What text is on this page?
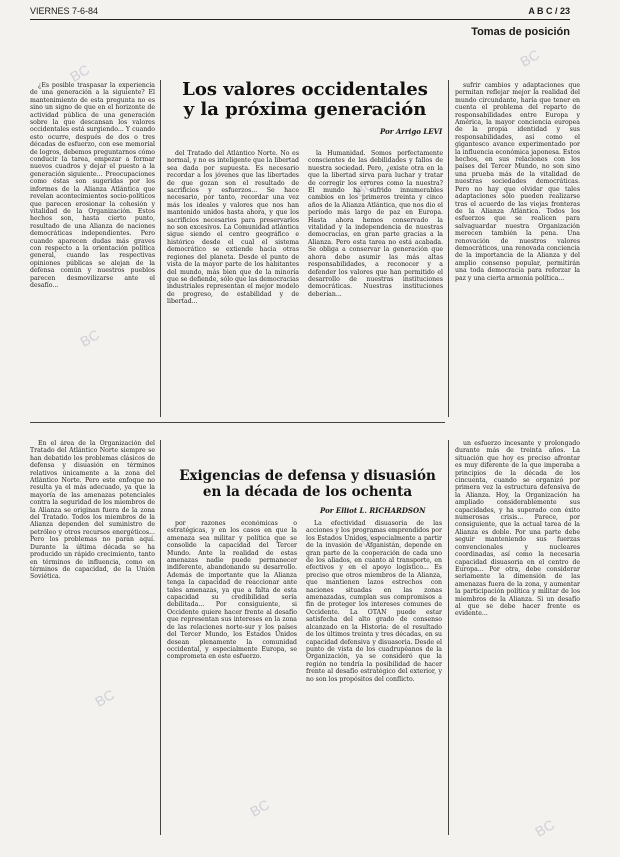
VIERNES 7-6-84	A B C / 23
Tomas de posición
BC
BC
BC
BC
BC
BC
BC
BC
Los valores occidentales
y la próxima generación
Por Arrigo LEVI

¿Es posible traspasar la experiencia de una generación a la siguiente? El mantenimiento de esta pregunta no es sino un signo de que en el horizonte de actividad pública de una generación sobre la que descansan los valores occidentales está surgiendo... Y cuando esto ocurre, después de dos o tres décadas de esfuerzo, con ese memorial de logros, debemos preguntarnos cómo conducir la tarea, empezar a formar nuevos cuadros y dejar el puesto a la generación siguiente... Preocupaciones como éstas son sugeridas por los informes de la Alianza Atlántica que revelan acontecimientos socio-políticos que parecen erosionar la cohesión y vitalidad de la Organización. Estos hechos son, hasta cierto punto, resultado de una Alianza de naciones democráticas independientes. Pero cuando aparecen dudas más graves con respecto a la orientación política general, cuando las respectivas opiniones públicas se alejan de la defensa común y nuestros pueblos parecen desmovilizarse ante el desafío...

del Tratado del Atlántico Norte. No es normal, y no es inteligente que la libertad sea dada por supuesta. Es necesario recordar a los jóvenes que las libertades de que gozan son el resultado de sacrificios y esfuerzos... Se hace necesario, por tanto, recordar una vez más los ideales y valores que nos han mantenido unidos hasta ahora, y que los sacrificios necesarios para preservarlos no son excesivos. La Comunidad atlántica sigue siendo el centro geográfico e histórico desde el cual el sistema democrático se extiende hacia otras regiones del planeta. Desde el punto de vista de la mayor parte de los habitantes del mundo, más bien que de la minoría que se defiende, sólo que las democracias industriales representan el mejor modelo de progreso, de estabilidad y de libertad...

la Humanidad. Somos perfectamente conscientes de las debilidades y fallos de nuestra sociedad. Pero, ¿existe otra en la que la libertad sirva para luchar y tratar de corregir los errores como la nuestra? El mundo ha sufrido innumerables cambios en los primeros treinta y cinco años de la Alianza Atlántica, que nos dio el período más largo de paz en Europa. Hasta ahora hemos conservado la vitalidad y la independencia de nuestras democracias, en gran parte gracias a la Alianza. Pero esta tarea no está acabada. Se obliga a conservar la generación que ahora debe asumir las más altas responsabilidades, a reconocer y a defender los valores que han permitido el desarrollo de nuestras instituciones democráticas. Nuestras instituciones deberían...

sufrir cambios y adaptaciones que permitan reflejar mejor la realidad del mundo circundante, haría que tener en cuenta el problema del reparto de responsabilidades entre Europa y América, la mayor conciencia europea de la propia identidad y sus responsabilidades, así como el gigantesco avance experimentado por la influencia económica japonesa. Estos hechos, en sus relaciones con los países del Tercer Mundo, no son sino una prueba más de la vitalidad de nuestras sociedades democráticas. Pero no hay que olvidar que tales adaptaciones sólo pueden realizarse tras el acuerdo de las viejas fronteras de la Alianza Atlántica. Todos los esfuerzos que se realicen para salvaguardar nuestra Organización merecen también la pena. Una renovación de nuestros valores democráticos, una renovada conciencia de la importancia de la Alianza y del amplio consenso popular, permitirán una toda democracia para reforzar la paz y una cierta armonía política...

Exigencias de defensa y disuasión
en la década de los ochenta
Por Elliot L. RICHARDSON

En el área de la Organización del Tratado del Atlántico Norte siempre se han debatido los problemas clásicos de defensa y disuasión en términos relativos únicamente a la zona del Atlántico Norte. Pero este enfoque no resulta ya el más adecuado, ya que la mayoría de las amenazas potenciales contra la seguridad de los miembros de la Alianza se originan fuera de la zona del Tratado. Todos los miembros de la Alianza dependen del suministro de petróleo y otros recursos energéticos... Pero los problemas no paran aquí. Durante la última década se ha producido un rápido crecimiento, tanto en términos de influencia, como en términos de capacidad, de la Unión Soviética.

por razones económicas o estratégicas, y en los casos en que la amenaza sea militar y política que se consolide la capacidad del Tercer Mundo. Ante la realidad de estas amenazas nadie puede permanecer indiferente, abandonando su desarrollo. Además de importante que la Alianza tenga la capacidad de reaccionar ante tales amenazas, ya que a falta de esta capacidad su credibilidad sería debilitada... Por consiguiente, si Occidente quiere hacer frente al desafío que representan sus intereses en la zona de las relaciones norte-sur y los países del Tercer Mundo, los Estados Unidos desean plenamente la comunidad occidental, y especialmente Europa, se comprometa en este esfuerzo.

La efectividad disuasoria de las acciones y los programas emprendidos por los Estados Unidos, especialmente a partir de la invasión de Afganistán, depende en gran parte de la cooperación de cada uno de los aliados, en cuanto al transporte, en efectivos y en el apoyo logístico... Es preciso que otros miembros de la Alianza, que mantienen lazos estrechos con naciones situadas en las zonas amenazadas, cumplan sus compromisos a fin de proteger los intereses comunes de Occidente. La OTAN puede estar satisfecha del alto grado de consenso alcanzado en la Historia: de el resultado de los últimos treinta y tres décadas, en su capacidad defensiva y disuasoria. Desde el punto de vista de los cuadrupéanos de la Organización, ya se consideró que la región no tendría la posibilidad de hacer frente al desafío estratégico del exterior, y no son los propósitos del conflicto.

un esfuerzo incesante y prolongado durante más de treinta años. La situación que hoy es preciso afrontar es muy diferente de la que imperaba a principios de la década de los cincuenta, cuando se organizó por primera vez la estructura defensiva de la Alianza. Hoy, la Organización ha ampliado considerablemente sus capacidades, y ha superado con éxito numerosas crisis... Parece, por consiguiente, que la actual tarea de la Alianza es doble. Por una parte debe seguir manteniendo sus fuerzas convencionales y nucleares coordinadas, así como la necesaria capacidad disuasoria en el centro de Europa... Por otra, debe considerar seriamente la dimensión de las amenazas fuera de la zona, y aumentar la participación política y militar de los miembros de la Alianza. Si un desafío al que se debe hacer frente es evidente...
